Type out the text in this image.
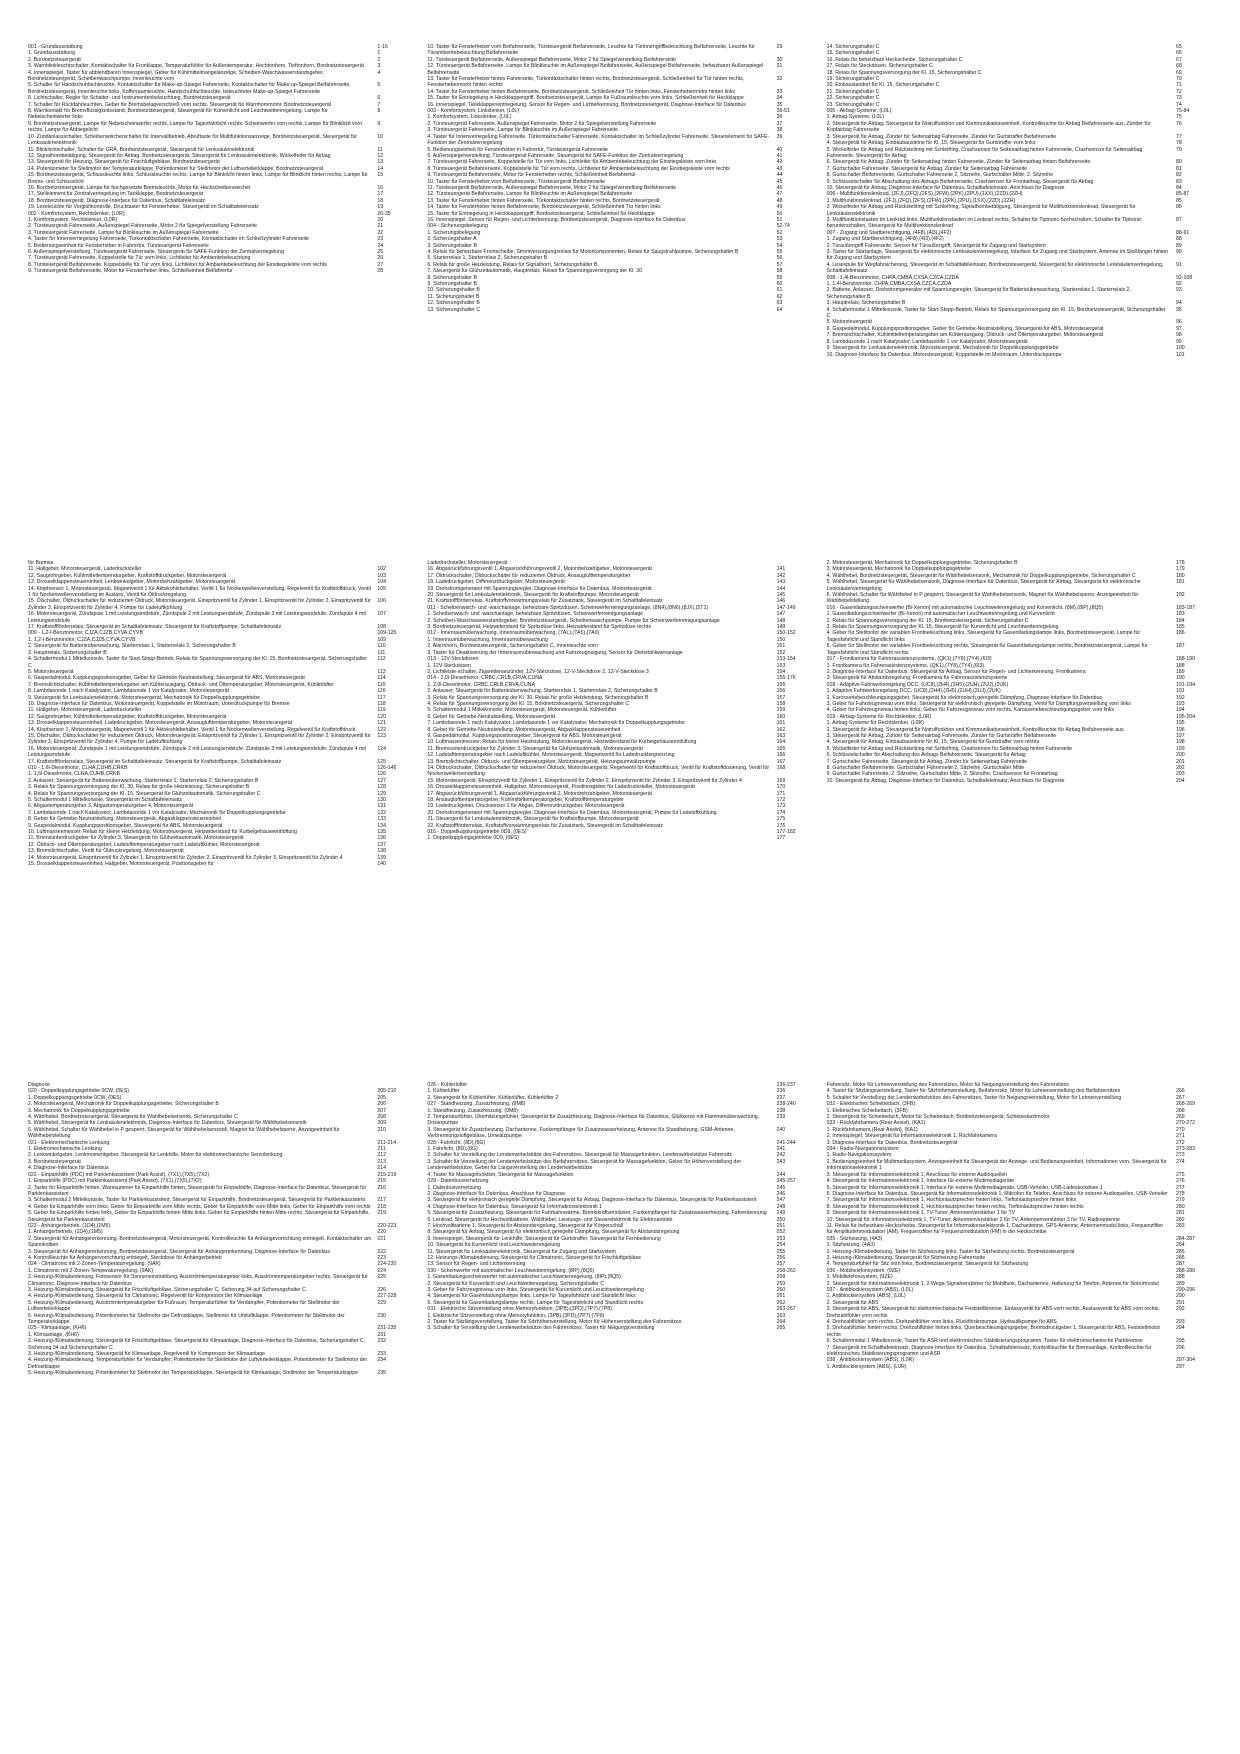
001 - Grundausstattung	1-16
1. Grundausstattung	1
2. Bordnetzsteuergerät	2
3. Warnblinkleuchtschalter, Kontaktschalter für Fronklappe, Temperaturfühler für Außentemperatur, Hochtonhorn, Tieftonhorn, Bordnetzsteuergerät	3
4. Innenspiegel, Taster für abblendbaren Innenspiegel, Geber für Kühlmittelmangelanzeige, Scheiben-Waschwasserstandsgeber, Bordnetzsteuergerät, Scheibenwaschpumpe, Innenleuchte vorn
4
5. Schalter für Handschuhfachleuchte, Kontaktschalter für Make-up-Spiegel Fahrerseite, Kontaktschalter für Make-up-Spiegel Beifahrerseite, Bordnetzsteuergerät, Innenleuchte links, Kofferraumleuchte, Handschuhfachleuchte, beleuchteter Make-up-Spiegel Fahrerseite
5
6. Lichtschalter, Regler für Schalter- und Instrumentenbeleuchtung, Bordnetzsteuergerät	6
7. Schalter für Rückfahrleuchten, Geber für Bremsbelagverschleiß vorn rechts, Steuergerät für Warnhornmotor, Bordnetzsteuergerät	7
8. Warnkontakt für Bremsflüssigkeitsstand, Bordnetzsteuergerät, Steuergerät für Kurvenlicht und Leuchtweitenregelung, Lampe für Nebelscheinwerfer links
8
9. Bordnetzsteuergerät, Lampe für Nebelscheinwerfer rechts, Lampe für Tagesfahrlicht rechts, Scheinwerfer vorn rechts, Lampe für Blinklicht vorn rechts, Lampe für Abbiegelicht
9
10. Zündanlassschalter, Scheibenwischerschalter für Intervallbetrieb, Abruftaste für Multifunktionsanzeige, Bordnetzsteuergerät, Steuergerät für Lenksäulenelektronik
10
11. Blinklichtschalter, Schalter für GRA, Bordnetzsteuergerät, Steuergerät für Lenksäulenelektronik	11
12. Signalhornbetätigung, Steuergerät für Airbag, Bordnetzsteuergerät, Steuergerät für Lenksäulenelektronik, Wickelfeder für Airbag	12
13. Steuergerät für Heizung, Steuergerät für Frischluftgebläse, Bordnetzsteuergerät	13
14. Potentiometer für Stellmotor der Temperaturklappe, Potentiometer für Stellmotor der Luftverteilerklappe, Bordnetzsteuergerät	14
15. Bordnetzsteuergerät, Schlussleuchte links, Schlussleuchte rechts, Lampe für Blinklicht hinten links, Lampe für Blinklicht hinten rechts, Lampe für Brems- und Schlusslicht
15
16. Bordnetzsteuergerät, Lampe für hochgesetzte Bremsleuchte, Motor für Heckscheibenwischer	16
17. Stellelement für Zentralverriegelung im Tankklappe, Bordnetzsteuergerät	17
18. Bordnetzsteuergerät, Diagnose-Interface für Datenbus, Schalttafeleinsatz	18
19. Leseleuchte für Vorglühkontrolle, Drucktaster für Fensterheber, Steuergerät im Schalttafeleinsatz	19
002 - Komfortsystem, Rechtslenker, (L0R)	20-35
1. Komfortsystem, Rechtslenker, (L0R)	20
2. Türsteuergerät Fahrerseite, Außenspiegel Fahrerseite, Motor 2 für Spiegelverstellung Fahrerseite	21
3. Türsteuergerät Fahrerseite, Lampe für Blinkleuchte im Außenspiegel Fahrerseite	22
4. Taster für Innenverriegelung Fahrerseite, Türkontaktschalter Fahrerseite, Kontaktschalter im Schließzylinder Fahrerseite	23
5. Bedienungseinheit für Fensterheber in Fahrertür, Türsteuergerät Fahrerseite	24
6. Außenspiegelverstellung, Türsteuergerät Fahrerseite, Steuergerät für SAFE-Funktion der Zentralverriegelung	25
7. Türsteuergerät Fahrerseite, Koppelstelle für Tür vorn links, Lichtleiter für Ambientebeleuchtung	26
8. Türsteuergerät Beifahrerseite, Koppelstelle für Tür vorn links, Lichtleiter für Ambientebeleuchtung der Einstiegsleiste vorn rechts	27
9. Türsteuergerät Beifahrerseite, Motor für Fensterheber links, Schließeinheit Beifahrertür	28
10. Taster für Fensterheber vorn Beifahrerseite, Türsteuergerät Beifahrerseite, Leuchte für Türinnengriffbeleuchtung Beifahrerseite, Leuchte für Türambientebeleuchtung Beifahrerseite
29
11. Türsteuergerät Beifahrerseite, Außenspiegel Beifahrerseite, Motor 2 für Spiegelverstellung Beifahrerseite	30
12. Türsteuergerät Beifahrerseite, Lampe für Blinkleuchte im Außenspiegel Beifahrerseite, Außenspiegel Beifahrerseite, beheizbarer Außenspiegel Beifahrerseite
31
13. Taster für Fensterheber hinten Fahrerseite, Türkontaktschalter hinten rechts, Bordnetzsteuergerät, Schließeinheit für Tür hinten rechts, Fensterhebermotor hinten rechts
32
14. Taster für Fensterheber hinten Beifahrerseite, Bordnetzsteuergerät, Schließeinheit Tür hinten links, Fensterhebermotor hinten links	33
15. Taster für Entriegelung in Heckklappengriff, Bordnetzsteuergerät, Lampe für Fußraumleuchte vorn links, Schließeinheit für Heckklappe	34
16. Innenspiegel, Tankklappenentriegelung, Sensor für Regen- und Lichterkennung, Bordnetzsteuergerät, Diagnose-Interface für Datenbus	35
003 - Komfortsystem, Linkslenker, (L0L)	36-51
1. Komfortsystem, Linkslenker, (L0L)	36
2. Türsteuergerät Fahrerseite, Außenspiegel Fahrerseite, Motor 2 für Spiegelverstellung Fahrerseite	37
3. Türsteuergerät Fahrerseite, Lampe für Blinkleuchte im Außenspiegel Fahrerseite	38
4. Taster für Innenverriegelung Fahrerseite, Türkontaktschalter Fahrerseite, Kontaktschalter im Schließzylinder Fahrerseite, Steuerelement für SAFE-Funktion der Zentralverriegelung
39
5. Bedienungseinheit für Fensterheber in Fahrertür, Türsteuergerät Fahrerseite	40
6. Außenspiegelverstellung, Türsteuergerät Fahrerseite, Steuergerät für SAFE-Funktion der Zentralverriegelung	41
7. Türsteuergerät Fahrerseite, Koppelstelle für Tür vorn links, Lichtleiter für Ambientebeleuchtung der Einstiegsleiste vorn links	42
8. Türsteuergerät Beifahrerseite, Koppelstelle für Tür vorn rechts, Lichtleiter für Ambientebeleuchtung der Einstiegsleiste vorn rechts	43
9. Türsteuergerät Beifahrerseite, Motor für Fensterheber rechts, Schließeinheit Beifahrertür	44
10. Taster für Fensterheber vorn Beifahrerseite, Türsteuergerät Beifahrerseite	45
11. Türsteuergerät Beifahrerseite, Außenspiegel Beifahrerseite, Motor 2 für Spiegelverstellung Beifahrerseite	46
12. Türsteuergerät Beifahrerseite, Lampe für Blinkleuchte im Außenspiegel Beifahrerseite	47
13. Taster für Fensterheber hinten Fahrerseite, Türkontaktschalter hinten rechts, Bordnetzsteuergerät	48
14. Taster für Fensterheber hinten Beifahrerseite, Bordnetzsteuergerät, Schließeinheit Tür hinten links	49
15. Taster für Entriegelung in Heckklappengriff, Bordnetzsteuergerät, Schließeinheit für Heckklappe	50
16. Innenspiegel, Sensor für Regen- und Lichterkennung, Bordnetzsteuergerät, Diagnose-Interface für Datenbus	51
004 - Sicherungsbelegung	52-74
1. Sicherungsbelegung	52
2. Sicherungshalter A	53
3. Sicherungshalter B	54
4. Relais für beheizbare Frontscheibe, Stromversorgungsrelais für Motorkomponenten, Relais für Saugstrahlpumpe, Sicherungshalter B	55
5. Starterrelais 1, Starterrelais 2, Sicherungshalter B	56
6. Relais für große Heizleistung, Relais für Signalhorn, Sicherungshalter B	57
7. Steuergerät für Glühzeitautomatik, Hauptrelais, Relais für Spannungsversorgung der Kl. 30	58
8. Sicherungshalter B	59
9. Sicherungshalter B	60
10. Sicherungshalter B	61
11. Sicherungshalter B	62
12. Sicherungshalter B	63
13. Sicherungshalter C	64
14. Sicherungshalter C	65
15. Sicherungshalter C	66
16. Relais für beheizbare Heckscheibe, Sicherungshalter C	67
17. Relais für Steckdosen, Sicherungshalter C	68
18. Relais für Spannungsversorgung der Kl. 15, Sicherungshalter C	69
19. Sicherungshalter C	70
20. Einbaustandort für Kl. 15, Sicherungshalter C	71
21. Sicherungshalter C	72
22. Sicherungshalter C	73
23. Sicherungshalter C	74
005 - Airbag-Systeme, (L0L)	75-84
1. Airbag-Systeme, (L0L)	75
2. Steuergerät für Airbag, Steuergerät für Notruffunktion und Kommunikationseinheit, Kontrollleuchte für Airbag Beifahrerseite aus, Zünder für Kopfairbag Fahrerseite
76
3. Steuergerät für Airbag, Zünder für Seitenairbag Fahrerseite, Zünder für Gurtstraffer Beifahrerseite	77
4. Steuergerät für Airbag, Einbaubausteine für Kl. 15, Steuergerät für Gurtstraffer vorn links	78
5. Wickelfeder für Airbag und Rückstellring mit Schleifring, Crashsensor für Seitenairbag hinten Fahrerseite, Crashsensor für Seitenairbag Fahrerseite, Steuergerät für Airbag
79
6. Steuergerät für Airbag, Zünder für Seitenairbag hinten Fahrerseite, Zünder für Seitenairbag hinten Beifahrerseite	80
7. Gurtschalter Fahrerseite, Steuergerät für Airbag, Zünder für Seitenairbag Fahrerseite	81
8. Gurtschalter Beifahrerseite, Gurtschalter Fahrerseite 2, Sitzreihe, Gurtschalter Mitte, 2. Sitzreihe	82
9. Schlüsselschalter für Abschaltung des Airbags Beifahrerseite, Crashsensor für Frontairbag, Steuergerät für Airbag	83
10. Steuergerät für Airbag, Diagnose-Interface für Datenbus, Schalttafeleinsatz, Anschluss für Diagnose	84
006 - Multifunktionslenkrad, (2FJ),(2FQ),(2FS),(2FW),(2PK),(2PU),(1XX),(2ZD),(2ZH)	85-87
1. Multifunktionslenkrad, (2FJ),(2FQ),(2FS),(2FW),(2PK),(2PU),(1XX),(2ZD),(2ZH)	85
2. Wickelfeder für Airbag und Rückstellring mit Schleifring, Signalhornbetätigung, Steuergerät für Multifunktionslenkrad, Steuergerät für Lenksäulenelektronik
86
3. Multifunktionstasten im Lenkrad links, Multifunktionstasten im Lenkrad rechts, Schalter für Tiptronic-hochschalten, Schalter für Tiptronic herunterschalten, Steuergerät für Multifunktionslenkrad
87
007 - Zugang und Startberechtigung, (4F8),(4I3),(4F2)	88-91
1. Zugang und Startberechtigung, (4F8),(4I3),(4F2)	88
2. Türaußengriff Fahrerseite, Sensor für Türaußengriff, Steuergerät für Zugang und Startsystem	89
3. Taster für Startanlage, Steuergerät für elektronische Lenksäulenverriegelung, Interface für Zugang und Startsystem, Antenne im Stoßfänger hinten für Zugang und Startsystem
90
4. Lesespule für Wegfahrsicherung, Steuergerät im Schalttafeleinsatz, Bordnetzsteuergerät, Steuergerät für elektronische Lenksäulenverriegelung, Schalttafeleinsatz
91
008 - 1,4l-Benzinmotor, CHPA,CMBA,CXSA,CZCA,CZDA	92-108
1. 1,4l-Benzinmotor, CHPA,CMBA,CXSA,CZCA,CZDA	92
2. Batterie, Anlasser, Drehstromgenerator mit Spannungsregler, Steuergerät für Batterieüberwachung, Starterrelais 1, Starterrelais 2, Sicherungshalter B
93
3. Hauptrelais, Sicherungshalter B	94
4. Schaltermodul 1 Mittelkonsole, Taster für Start-Stopp-Betrieb, Relais für Spannungsversorgung der Kl. 15, Bordnetzsteuergerät, Sicherungshalter C
95
5. Motorsteuergerät	96
6. Gaspedalmodul, Kupplungspositionsgeber, Geber für Getriebe-Neutralstellung, Steuergerät für ABS, Motorsteuergerät	97
7. Bremslichtschalter, Kühlmitteltemperaturgeber am Kühlerausgang, Öldruck- und Öltemperaturgeber, Motorsteuergerät	98
8. Lambdasonde 1 nach Katalysator, Lambdasonde 1 vor Katalysator, Motorsteuergerät	99
9. Steuergerät für Lenksäulenelektronik, Motorsteuergerät, Mechatronik für Doppelkupplungsgetriebe	100
10. Diagnose-Interface für Datenbus, Motorsteuergerät, Koppelstelle im Motorraum, Unterdruckpumpe	101
für Bremse
11. Hallgeber, Motorsteuergerät, Ladedrucksteller	102
12. Saugrohrgeber, Kühlmitteltemperaturgeber, Kraftstoffdruckgeber, Motorsteuergerät	103
13. Drosselklappensteuereinheit, Lenkwinkelgeber, Motordrehzahlgeber, Motorsteuergerät	104
14. Klopfsensor 1, Motorsteuergerät, Magnetventil 1 für Aktivkohlebehälter, Ventil 1 für Nockenwellenverstellung, Regelventil für Kraftstoffdruck, Ventil 1 für Nockenwellenverstellung im Auslass, Ventil für Öldruckregelung
105
15. Ölschalter, Öldruckschalter für reduzierten Öldruck, Motorsteuergerät, Einspritzventil für Zylinder 1, Einspritzventil für Zylinder 2, Einspritzventil für Zylinder 3, Einspritzventil für Zylinder 4, Pumpe für Ladeluftkühlung
106
16. Motorsteuergerät, Zündspule 1 mit Leistungsendstufe, Zündspule 2 mit Leistungsendstufe, Zündspule 3 mit Leistungsendstufe, Zündspule 4 mit Leistungsendstufe
107
17. Kraftstoffförderrelais, Steuergerät im Schalttafeleinsatz, Steuergerät für Kraftstoffpumpe, Schalttafeleinsatz	108
009 - 1,2-l-Benzinmotor, CJZA,CJZB,CYVA,CYVB	109-125
1. 1,2-l-Benzinmotor, CJZA,CJZB,CYVA,CYVB	109
2. Steuergerät für Batterieüberwachung, Starterrelais 1, Starterrelais 2, Sicherungshalter B	110
3. Hauptrelais, Sicherungshalter B	111
4. Schaltermodul 1 Mittelkonsole, Taster für Start-Stopp-Betrieb, Relais für Spannungsversorgung der Kl. 15, Bordnetzsteuergerät, Sicherungshalter C
112
5. Motorsteuergerät	113
6. Gaspedalmodul, Kupplungspositionsgeber, Geber für Getriebe-Neutralstellung, Steuergerät für ABS, Motorsteuergerät	114
7. Bremslichtschalter, Kühlmitteltemperaturgeber am Kühlerausgang, Öldruck- und Öltemperaturgeber, Motorsteuergerät, Kühlerlüfter	115
8. Lambdasonde 1 nach Katalysator, Lambdasonde 1 vor Katalysator, Motorsteuergerät	116
9. Steuergerät für Lenksäulenelektronik, Motorsteuergerät, Mechatronik für Doppelkupplungsgetriebe	117
10. Diagnose-Interface für Datenbus, Motorsteuergerät, Koppelstelle im Motorraum, Unterdruckpumpe für Bremse	118
11. Hallgeber, Motorsteuergerät, Ladedrucksteller	119
12. Saugrohrgeber, Kühlmitteltemperaturgeber, Kraftstoffdruckgeber, Motorsteuergerät	120
13. Drosselklappensteuereinheit, Ladedruckgeber, Motorsteuergerät, Ansauglufttemperaturgeber, Motorsteuergerät	121
14. Klopfsensor 1, Motorsteuergerät, Magnetventil 1 für Aktivkohlebehälter, Ventil 1 für Nockenwellenverstellung, Regelventil für Kraftstoffdruck	122
15. Ölschalter, Öldruckschalter für reduzierten Öldruck, Motorsteuergerät, Einspritzventil für Zylinder 1, Einspritzventil für Zylinder 2, Einspritzventil für Zylinder 3, Einspritzventil für Zylinder 4, Pumpe für Ladeluftkühlung
123
16. Motorsteuergerät, Zündspule 1 mit Leistungsendstufe, Zündspule 2 mit Leistungsendstufe, Zündspule 3 mit Leistungsendstufe, Zündspule 4 mit Leistungsendstufe
124
17. Kraftstoffförderrelais, Steuergerät im Schalttafeleinsatz, Steuergerät für Kraftstoffpumpe, Schalttafeleinsatz	125
010 - 1,6l-Dieselmotor, CLHA,CUHB,CRKB	126-146
1. 1,6l-Dieselmotor, CLHA,CUHB,CRKB	126
2. Anlasser, Steuergerät für Batterieüberwachung, Starterrelais 1, Starterrelais 2, Sicherungshalter B	127
3. Relais für Spannungsversorgung der Kl. 30, Relais für große Heizleistung, Sicherungshalter B	128
4. Relais für Spannungsversorgung der Kl. 15, Steuergerät für Glühzeitautomatik, Sicherungshalter C	129
5. Schaltermodul 1 Mittelkonsole, Steuergerät im Schalttafeleinsatz	130
6. Abgastemperaturgeber 3, Abgastemperaturgeber 4, Motorsteuergerät	131
7. Lambdasonde 1 nach Katalysator, Lambdasonde 1 vor Katalysator, Mechatronik für Doppelkupplungsgetriebe	132
8. Geber für Getriebe-Neutralstellung, Motorsteuergerät, Abgasklappensteuereinheit	133
9. Gaspedalmodul, Kupplungspositionsgeber, Steuergerät für ABS, Motorsteuergerät	134
10. Luftmassenmesser, Relais für kleine Heizleistung, Motorsteuergerät, Heizwiderstand für Kurbelgehäuseentlüftung	135
11. Bremsunterdruckgeber für Zylinder 3, Steuergerät für Glühzeitautomatik, Motorsteuergerät	136
12. Öldruck- und Öltemperaturgeber, Ladelufttemperaturgeber nach Ladeluftkühler, Motorsteuergerät	137
13. Bremslichtschalter, Ventil für Öldruckregelung, Motorsteuergerät	138
14. Motorsteuergerät, Einspritzventil für Zylinder 1, Einspritzventil für Zylinder 2, Einspritzventil für Zylinder 3, Einspritzventil für Zylinder 4	139
15. Drosselklappensteuereinheit, Hallgeber, Motorsteuergerät, Positionsgeber für	140
Ladedrucksteller, Motorsteuergerät
16. Abgasrückführungsventil 1, Abgasrückführungsventil 2, Motordrehzahlgeber, Motorsteuergerät	141
17. Öldruckschalter, Öldruckschalter für reduzierten Öldruck, Ansauglufttemperaturgeber	142
18. Ladedruckgeber, Differenzdruckgeber, Motorsteuergerät	143
19. Drehstromgenerator mit Spannungsregler, Diagnose-Interface für Datenbus, Motorsteuergerät	144
20. Steuergerät für Lenksäulenelektronik, Steuergerät für Kraftstoffpumpe, Motorsteuergerät	145
21. Kraftstoffförderrelais, Kraftstoffvorwärmungsrelais für Zusatztank, Steuergerät im Schalttafeleinsatz	146
011 - Scheibenwisch- und -waschanlage, beheizbare Spritzdüsen, Scheinwerferreinigungsanlage, (8N4),(8N6),(8JX),(5T1)	147-149
1. Scheibenwisch- und -waschanlage, beheizbare Spritzdüsen, Scheinwerferreinigungsanlage	147
2. Scheiben-Waschwasserstandsgeber, Bordnetzsteuergerät, Scheibenwaschpumpe, Pumpe für Scheinwerferreinigungsanlage	148
3. Bordnetzsteuergerät, Heizwiderstand für Spritzdüse links, Heizwiderstand für Spritzdüse rechts	149
012 - Innenraumüberwachung, Innenraumüberwachung, (7AL),(7A5),(7A0)	150-152
1. Innenraumüberwachung, Innenraumüberwachung	150
2. Alarmhorn, Bordnetzsteuergerät, Sicherungshalter C, Innenleuchte vorn	151
3. Taster für Deaktivierung der Innenraumüberwachung und Fahrzeugneigung, Sensor für Diebstahlwarnanlage	152
013 - 12V-Steckdosen	153-154
1. 12V-Steckdosen	153
2. Lichtleiste-schalter, Zigarettenanzünder, 12V-Steckdose, 12-V-Steckdose 2, 12-V-Steckdose 3	154
014 - 2,0l-Dieselmotor, CRBC,CRLB,CRVA,CUNA	155-176
1. 2,0l-Dieselmotor, CRBC,CRLB,CRVA,CUNA	155
2. Anlasser, Steuergerät für Batterieüberwachung, Starterrelais 1, Starterrelais 2, Sicherungshalter B	156
3. Relais für Spannungsversorgung der Kl. 30, Relais für große Heizleistung, Sicherungshalter B	157
4. Relais für Spannungsversorgung der Kl. 15, Bordnetzsteuergerät, Sicherungshalter C	158
5. Schaltermodul 1 Mittelkonsole, Motorsteuergerät, Motorsteuergerät, Kühlerlüfter	159
6. Geber für Getriebe-Neutralstellung, Motorsteuergerät	160
7. Lambdasonde 1 nach Katalysator, Lambdasonde 1 vor Katalysator, Mechatronik für Doppelkupplungsgetriebe	161
8. Geber für Getriebe-Neutralstellung, Motorsteuergerät, Abgasklappensteuereinheit	162
9. Gaspedalmodul, Kupplungspositionsgeber, Steuergerät für ABS, Motorsteuergerät	163
10. Luftmassenmesser, Relais für kleine Heizleistung, Motorsteuergerät, Heizwiderstand für Kurbelgehäuseentlüftung	164
11. Bremsunterdruckgeber für Zylinder 3, Steuergerät für Glühzeitautomatik, Motorsteuergerät	165
12. Ladelufttemperaturgeber nach Ladeluftkühler, Motorsteuergerät, Magnetventil für Ladedruckbegrenzung	166
13. Bremslichtschalter, Öldruck- und Öltemperaturgeber, Motorsteuergerät, Heizungsumwälzpumpe	167
14. Öldruckschalter, Öldruckschalter für reduzierten Öldruck, Motorsteuergerät, Regelventil für Kraftstoffdruck, Ventil für Kraftstoffdosierung, Ventil für Nockenwellenverstellung
168
15. Motorsteuergerät, Einspritzventil für Zylinder 1, Einspritzventil für Zylinder 2, Einspritzventil für Zylinder 3, Einspritzventil für Zylinder 4	169
16. Drosselklappensteuereinheit, Hallgeber, Motorsteuergerät, Positionsgeber für Ladedrucksteller, Motorsteuergerät	170
17. Abgasrückführungsventil 1, Abgasrückführungsventil 2, Motordrehzahlgeber, Motorsteuergerät	171
18. Ansauglufttemperaturgeber, Kühlmitteltemperaturgeber, Kraftstofftemperaturgeber	172
19. Ladedruckgeber, Drucksensor 1 für Abgas, Differenzdruckgeber, Motorsteuergerät	173
20. Drehstromgenerator mit Spannungsregler, Diagnose-Interface für Datenbus, Motorsteuergerät, Pumpe für Ladeluftkühlung	174
21. Steuergerät für Lenksäulenelektronik, Steuergerät für Kraftstoffpumpe, Motorsteuergerät	175
22. Kraftstoffförderrelais, Kraftstoffvorwärmungsrelais für Zusatztank, Steuergerät im Schalttafeleinsatz	176
015 - Doppelkupplungsgetriebe 0D9, (0ES)	177-182
1. Doppelkupplungsgetriebe 0D9, (0ES)	177
2. Motorsteuergerät, Mechatronik für Doppelkupplungsgetriebe, Sicherungshalter B	178
3. Motorsteuergerät, Mechatronik für Doppelkupplungsgetriebe	179
4. Wählhebel, Bordnetzsteuergerät, Steuergerät für Wählhebelsensorik, Mechatronik für Doppelkupplungsgetriebe, Sicherungshalter C	180
5. Wählhebel, Steuergerät für Wählhebelsensorik, Diagnose-Interface für Datenbus, Steuergerät für Airbag, Steuergerät für elektronische Lenksäulenverriegelung
181
6. Wählhebel, Schalter für Wählhebel in P gesperrt, Steuergerät für Wählhebelsensorik, Magnet für Wählhebelsperre, Anzeigeeinheit für Wählhebelstellung
182
016 - Gasentladungsscheinwerfer (Bi-Xenon) mit automatischer Leuchtweitenregelung und Kurvenlicht, (8M),(8IP),(8Q5)	183-187
1. Gasentladungsscheinwerfer (Bi-Xenon) mit automatischer Leuchtweitenregelung und Kurvenlicht	183
2. Relais für Spannungsversorgung der Kl. 15, Bordnetzsteuergerät, Sicherungshalter C	184
3. Relais für Spannungsversorgung der Kl. 15, Steuergerät für Kurvenlicht und Leuchtweitenregelung	185
4. Geber für Stellmotor der variablen Frontbeleuchtung links, Steuergerät für Gasentladungslampe links, Bordnetzsteuergerät, Lampe für Tagesfahrlicht und Standlicht links
186
5. Geber für Stellmotor der variablen Frontbeleuchtung rechts, Steuergerät für Gasentladungslampe rechts, Bordnetzsteuergerät, Lampe für Tagesfahrlicht und Standlicht rechts
187
017 - Frontkamera für Fahrerassistenzsysteme, (QK1),(7Y8),(7Y4),(6I3)	188-190
1. Frontkamera für Fahrerassistenzsysteme, (QK1),(7Y8),(7Y4),(6I3)	188
2. Diagnose-Interface für Datenbus, Steuergerät für Airbag, Sensor für Regen- und Lichterkennung, Frontkamera	189
3. Steuergerät für Abstandsregelung, Frontkamera für Fahrerassistenzsysteme	190
018 - Adaptive Fahrwerksregelung DCC, (UC8),(2H4),(2H5),(2UH),(2UJ),(2UK)	191-194
1. Adaptive Fahrwerksregelung DCC, (UC8),(2H4),(2H5),(2UH),(2UJ),(2UK)	191
2. Karosseriebeschleunigungsgeber, Steuergerät für elektronisch geregelte Dämpfung, Diagnose-Interface für Datenbus	192
3. Geber für Fahrzeugniveau vorn links, Steuergerät für elektronisch geregelte Dämpfung, Ventil für Dämpfungsverstellung vorn links	193
4. Geber für Fahrzeugniveau hinten links, Geber für Fahrzeugniveau vorn rechts, Karosseriebeschleunigungsgeber vorn links	194
019 - Airbag-Systeme für Rechtslenker, (L0R)	195-204
1. Airbag-Systeme für Rechtslenker, (L0R)	195
2. Steuergerät für Airbag, Steuergerät für Notruffunktion und Kommunikationseinheit, Kontrollleuchte für Airbag Beifahrerseite aus	196
3. Steuergerät für Airbag, Zünder für Seitenairbag Fahrerseite, Zünder für Gurtstraffer Beifahrerseite	197
4. Steuergerät für Airbag, Einbaubausteine für Kl. 15, Steuergerät für Gurtstraffer vorn rechts	198
5. Wickelfeder für Airbag und Rückstellring mit Schleifring, Crashsensor für Seitenairbag hinten Fahrerseite	199
6. Schlüsselschalter für Abschaltung des Airbags Beifahrerseite, Steuergerät für Airbag	200
7. Gurtschalter Fahrerseite, Steuergerät für Airbag, Zünder für Seitenairbag Fahrerseite	201
8. Gurtschalter Beifahrerseite, Gurtschalter Fahrerseite 2, Sitzreihe, Gurtschalter Mitte	202
9. Gurtschalter Fahrerseite, 2. Sitzreihe, Gurtschalter Mitte, 2. Sitzreihe, Crashsensor für Frontairbag	203
10. Steuergerät für Airbag, Diagnose-Interface für Datenbus, Schalttafeleinsatz, Anschluss für Diagnose	204
Diagnose
020 - Doppelkupplungsgetriebe 0CW, (0ES)	205-210
1. Doppelkupplungsgetriebe 0CW, (0ES)	205
2. Motorsteuergerät, Mechatronik für Doppelkupplungsgetriebe, Sicherungshalter B	206
3. Mechatronik für Doppelkupplungsgetriebe	207
4. Wählhebel, Bordnetzsteuergerät, Steuergerät für Wählhebelsensorik, Sicherungshalter C	208
5. Wählhebel, Steuergerät für Lenksäulenelektronik, Diagnose-Interface für Datenbus, Steuergerät für Wählhebelsensorik	209
6. Wählhebel, Schalter für Wählhebel in P gesperrt, Steuergerät für Wählhebelsensorik, Magnet für Wählhebelsperre, Anzeigeeinheit für Wählhebelstellung
210
021 - Elektromechanische Lenkung	211-214
1. Elektromechanische Lenkung	211
2. Lenkwinkelgeber, Lenkmomentgeber, Steuergerät für Lenkhilfe, Motor für elektromechanische Servolenkung	212
3. Bordnetzsteuergerät	213
4. Diagnose-Interface für Datenbus	214
022 - Einparkhilfe (PDC) mit Parklenkassistent (Park Assist), (7X1),(7X5),(7X2)	215-219
1. Einparkhilfe (PDC) mit Parklenkassistent (Park Assist), (7X1),(7X5),(7X2)	215
2. Taster für Einparkhilfe hinten, Warnsummer für Einparkhilfe hinten, Steuergerät für Einparkhilfe, Diagnose-Interface für Datenbus, Steuergerät für Parklenkassistent
216
3. Schaltermodul 2 Mittelkonsole, Taster für Parklenkassistent, Steuergerät für Einparkhilfe, Bordnetzsteuergerät, Steuergerät für Parklenkassistent	217
4. Geber für Einparkhilfe vorn links, Geber für Einparkhilfe vorn Mitte rechts, Geber für Einparkhilfe vorn Mitte links, Geber für Einparkhilfe vorn rechts	218
5. Geber für Einparkhilfe hinten links, Geber für Einparkhilfe hinten Mitte links, Geber für Einparkhilfe hinten Mitte rechts, Steuergerät für Einparkhilfe, Steuergerät für Parklenkassistent
219
023 - Anhängerbetrieb, (1D4),(1M5)	220-223
1. Anhängerbetrieb, (1D4),(1M5)	220
2. Steuergerät für Anhängererkennung, Bordnetzsteuergerät, Motorsteuergerät, Kontrollleuchte für Anhängevorrichtung entriegelt, Kontaktschalter am Spannkolben
221
3. Steuergerät für Anhängererkennung, Bordnetzsteuergerät, Steuergerät für Anhängererkennung, Diagnose-Interface für Datenbus	222
4. Kontrollleuchte für Anhängervorrichtung entriegelt, Steckdose für Anhängerbetrieb	223
024 - Climatronic mit 2-Zonen-Temperaturregelung, (9AK)	224-230
1. Climatronic mit 2-Zonen-Temperaturregelung, (9AK)	224
2. Heizung-/Klimabedienung, Fotosensor für Sonneneinstrahlung, Ausströmtemperaturgeber links, Ausströmtemperaturgeber rechts, Steuergerät für Climatronic, Diagnose-Interface für Datenbus
225
3. Heizung-/Klimabedienung, Steuergerät für Frischluftgebläse, Sicherungshalter C, Sicherung 34 auf Sicherungshalter C	226
4. Heizung-/Klimabedienung, Steuergerät für Climatronic, Regelventil für Kompressor der Klimaanlage	227-228
5. Heizung-/Klimabedienung, Ausströmtemperaturgeber für Fußraum, Temperaturfühler für Verdampfer, Potentiometer für Stellmotor der Luftverteilerklappe
229
6. Heizung-/Klimabedienung, Potentiometer für Stellmotor der Defrostklappe, Stellmotor für Umluftklappe, Potentiometer für Stellmotor der Temperaturklappe
230
025 - Klimaanlage, (KH6)	231-235
1. Klimaanlage, (KH6)	231
2. Heizung-/Klimabedienung, Steuergerät für Frischluftgebläse, Steuergerät für Klimaanlage, Diagnose-Interface für Datenbus, Sicherungshalter C, Sicherung 34 auf Sicherungshalter C
232
3. Heizung-/Klimabedienung, Steuergerät für Klimaanlage, Regelventil für Kompressor der Klimaanlage	233
4. Heizung-/Klimabedienung, Temperaturfühler für Verdampfer, Potentiometer für Stellmotor der Luftverteilerklappe, Potentiometer für Stellmotor der Defrostklappe
234
5. Heizung-/Klimabedienung, Potentiometer für Stellmotor der Temperaturklappe, Steuergerät für Klimaanlage, Stellmotor der Temperaturklappe	235
026 - Kühlerlüfter	236-237
1. Kühlerlüfter	236
2. Steuergerät für Kühlerlüfter, Kühlerlüfter, Kühlerlüfter 2	237
027 - Standheizung, Zusatzheizung, (9M8)	238-240
1. Standheizung, Zusatzheizung, (9M8)	238
2. Temperaturfühler, Überhitzungsfühler, Steuergerät für Zusatzheizung, Diagnose-Interface für Datenbus, Glühkerze mit Flammenüberwachung, Dosierpumpe
239
3. Steuergerät für Zusatzheizung, Dachantenne, Funkempfänger für Zusatzwasserheizung, Antenne für Standheizung, GSM-Antenne, Verbrennungsluftgebläse, Umwälzpumpe
240
028 - Fahrlicht, (8D),(8G)	241-244
1. Fahrlicht, (8D),(8G)	241
2. Schalter für Verstellung der Lendenwirbelstütze des Fahrersitzes, Steuergerät für Massagefunktion, Lendenwirbelstütze Fahrersitz	242
3. Schalter für Verstellung der Lendenwirbelstütze des Beifahrersitzes, Steuergerät für Massagefunktion, Geber für Höhenverstellung der Lendenwirbelstütze, Geber für Längsverstellung der Lendenwirbelstütze
243
4. Taster für Massagefunktion, Steuergerät für Massagefunktion	244
029 - Datenbusvernetzung	245-257
1. Datenbusvernetzung	245
2. Diagnose-Interface für Datenbus, Anschluss für Diagnose	246
3. Steuergerät für elektronisch geregelte Dämpfung, Steuergerät für Airbag, Diagnose-Interface für Datenbus, Steuergerät für Parklenkassistent	247
4. Diagnose-Interface für Datenbus, Steuergerät für Informationselektronik 1	248
5. Steuergerät für Zusatzheizung, Steuergerät für Fahrbahnwärme, Bremskraftverstärker, Funkempfänger für Zusatzwasserheizung, Fahrerkennung	249
6. Lenkrad, Steuergerät für Hochvoltbatterie, Wählhebel, Leistungs- und Steuerelektronik für Elektroantrieb	250
7. Hochvoltbatterie 1, Steuergerät für Abstandsregelung, Steuergerät für Körperschall	251
8. Steuergerät für Airbag, Steuergerät für elektronisch geregelte Dämpfung, Steuergerät für Abstandsregelung	252
9. Innenspiegel, Steuergerät für Lenkhilfe, Steuergerät für Gurtstraffer, Steuergerät für Fernbedienung	253
10. Steuergerät für Kurvenlicht und Leuchtweitenregelung	254
11. Steuergerät für Lenksäulenelektronik, Steuergerät für Zugang und Startsystem	255
12. Heizungs-/Klimabedienung, Steuergerät für Climatronic, Steuergerät für Frischluftgebläse	256
13. Sensor für Regen- und Lichterkennung	257
030 - Scheinwerfer mit automatischer Leuchtweitenregelung, (8IP),(8Q5)	258-262
1. Gasentladungsscheinwerfer mit automatischer Leuchtweitenregelung, (8IP),(8Q5)	258
2. Steuergerät für Kurvenlicht und Leuchtweitenregelung, Sicherungshalter C	259
3. Geber für Fahrzeugniveau vorn links, Steuergerät für Kurvenlicht und Leuchtweitenregelung	260
4. Steuergerät für Gasentladungslampe links, Lampe für Tagesfahrlicht und Standlicht links	261
5. Steuergerät für Gasentladungslampe rechts, Lampe für Tagesfahrlicht und Standlicht rechts	262
031 - Elektrische Sitzverstellung ohne Memoryfunktion, (3PB),(3PD),(7P7),(7P8)	263-267
1. Elektrische Sitzverstellung ohne Memoryfunktion, (3PB),(3PD),(7P7),(7P8)	263
2. Taster für Sitzlängsverstellung, Taster für Sitzhöhenverstellung, Motor für Höhenverstellung des Fahrersitzes	264
3. Schalter für Verstellung der Lendenwirbelstütze des Fahrersitzes, Taster für Neigungsverstellung	265
Fahrersitz, Motor für Lehnenverstellung des Fahrersitzes, Motor für Neigungsverstellung des Fahrersitzes
4. Taster für Sitzlängsverstellung, Taster für Sitzhöhenverstellung, Beifahrersitz, Motor für Lehnenverstellung des Beifahrersitzes	266
5. Schalter für Verstellung der Lendenwirbelstütze des Fahrersitzes, Taster für Neigungsverstellung, Motor für Lehnenverstellung	267
032 - Elektrisches Schiebedach, (3FB)	268-269
1. Elektrisches Schiebedach, (3FB)	268
2. Steuergerät für Schiebedach, Motor für Schiebedach, Bordnetzsteuergerät, Schiebedachmotor	269
033 - Rückfahrkamera (Rear Assist), (KA1)	270-272
1. Rückfahrkamera (Rear Assist), (KA1)	270
2. Innenspiegel, Steuergerät für Informationselektronik 1, Rückfahrkamera	271
3. Diagnose-Interface für Datenbus, Bordnetzsteuergerät	272
034 - Radio-Navigationssystem	273-283
1. Radio-Navigationssystem	273
2. Bedienungseinheit für Multimediasystem, Anzeigeeinheit für Steuergerät der Anzeige- und Bedienungseinheit, Informationen vorn, Steuergerät für Informationselektronik 1
274
3. Steuergerät für Informationselektronik 1, Anschluss für externe Audioquellen	275
4. Steuergerät für Informationselektronik 1, Interface für externe Multimediageräte	276
5. Steuergerät für Informationselektronik 1, Interface für externe Multimediageräte, USB-Verteiler, USB-Ladesteckdose 1	277
6. Diagnose-Interface für Datenbus, Steuergerät für Informationselektronik 1, Mikrofon für Telefon, Anschluss für externe Audioquellen, USB-Verteiler	278
7. Steuergerät für Informationselektronik 1, Hochtonlautsprecher hinten links, Tieftonlautsprecher hinten links	279
8. Steuergerät für Informationselektronik 1, Hochtonlautsprecher hinten rechts, Tieftonlautsprecher hinten rechts	280
9. Steuergerät für Informationselektronik 1, TV-Tuner, Antennenverstärker 1 für TV	281
10. Steuergerät für Informationselektronik 1, TV-Tuner, Antennenverstärker 2 für TV, Antennenverstärker 3 für TV, Radioantenne	282
11. Relais für beheizbare Heckscheibe, Steuergerät für Informationselektronik 1, Dachantenne, GPS-Antenne, Antennenmodul links, Frequenzfilter für Amplitudenmodulation (AM), Frequenzfilter für Frequenzmodulation (FM) in der Heckscheibe
283
035 - Sitzheizung, (4A3)	284-287
1. Sitzheizung, (4A3)	284
2. Heizung-/Klimabedienung, Taster für Sitzheizung links, Taster für Sitzheizung rechts, Bordnetzsteuergerät	285
3. Heizung-/Klimabedienung, Steuergerät für Sitzheizung Fahrerseite	286
4. Temperaturfühler für Sitz vorn links, Bordnetzsteuergerät, Steuergerät für Sitzheizung	287
036 - Mobiltelefonsystem, (9ZE)	288-289
1. Mobiltelefonsystem, (9ZE)	288
2. Steuergerät für Informationselektronik 1, 2-Wege-Signalverstärker für Mobilfunk, Dachantenne, Halterung für Telefon, Antenne für Notrufmodul	289
037 - Antiblockiersystem (ABS), (L0L)	290-296
1. Antiblockiersystem (ABS), (L0L)	290
2. Steuergerät für ABS	291
3. Steuergerät für ABS, Steuergerät für elektromechanische Feststellbremse, Einlassventil für ABS vorn rechts, Auslassventil für ABS vorn rechts, Drehzahlfühler vorn rechts
292
4. Drehzahlfühler vorn rechts, Drehzahlfühler vorn links, Rückförderpumpe, Hydraulikpumpe für ABS	293
5. Drehzahlfühler hinten rechts, Drehzahlfühler hinten links, Querbeschleunigungsgeber, Bremsdruckgeber 1, Steuergerät für ABS, Feststellmotor rechts
294
6. Schaltermodul 1 Mittelkonsole, Taster für ASR und elektronisches Stabilisierungsprogramm, Taster für elektromechanische Parkbremse	295
7. Steuergerät im Schalttafeleinsatz, Diagnose-Interface für Datenbus, Schalttafeleinsatz, Kontrollleuchte für Bremsanlage, Kontrollleuchte für elektronisches Stabilisierungsprogramm und ASR
296
038 - Antiblockiersystem (ABS), (L0R)	297-304
1. Antiblockiersystem (ABS), (L0R)	297
